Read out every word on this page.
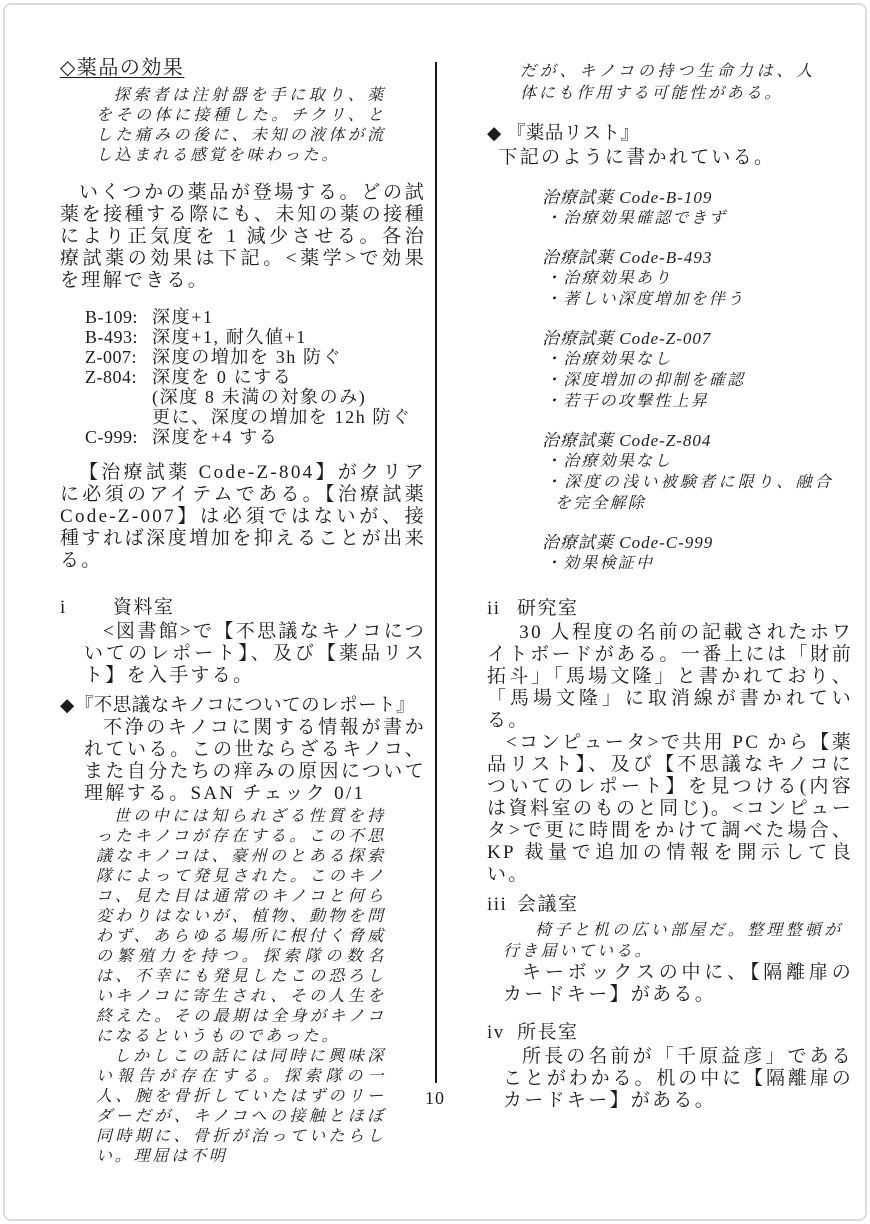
◇薬品の効果

探索者は注射器を手に取り、薬をその体に接種した。チクリ、とした痛みの後に、未知の液体が流し込まれる感覚を味わった。

いくつかの薬品が登場する。どの試薬を接種する際にも、未知の薬の接種により正気度を 1 減少させる。各治療試薬の効果は下記。<薬学>で効果を理解できる。

B-109: 深度+1
B-493: 深度+1, 耐久値+1
Z-007: 深度の増加を 3h 防ぐ
Z-804: 深度を 0 にする
(深度 8 未満の対象のみ)
更に、深度の増加を 12h 防ぐ
C-999: 深度を+4 する

【治療試薬 Code-Z-804】がクリアに必須のアイテムである。【治療試薬 Code-Z-007】は必須ではないが、接種すれば深度増加を抑えることが出来る。

i	資料室

<図書館>で【不思議なキノコについてのレポート】、及び【薬品リスト】を入手する。

◆『不思議なキノコについてのレポート』

不浄のキノコに関する情報が書かれている。この世ならざるキノコ、また自分たちの痒みの原因について理解する。SAN チェック 0/1

世の中には知られざる性質を持ったキノコが存在する。この不思議なキノコは、豪州のとある探索隊によって発見された。このキノコ、見た目は通常のキノコと何ら変わりはないが、植物、動物を問わず、あらゆる場所に根付く脅威の繁殖力を持つ。探索隊の数名は、不幸にも発見したこの恐ろしいキノコに寄生され、その人生を終えた。その最期は全身がキノコになるというものであった。

しかしこの話には同時に興味深い報告が存在する。探索隊の一人、腕を骨折していたはずのリーダーだが、キノコへの接触とほぼ同時期に、骨折が治っていたらしい。理屈は不明

だが、キノコの持つ生命力は、人体にも作用する可能性がある。

◆ 『薬品リスト』

下記のように書かれている。

治療試薬 Code-B-109

・治療効果確認できず

治療試薬 Code-B-493

・治療効果あり

・著しい深度増加を伴う

治療試薬 Code-Z-007

・治療効果なし

・深度増加の抑制を確認

・若干の攻撃性上昇

治療試薬 Code-Z-804

・治療効果なし

・深度の浅い被験者に限り、融合を完全解除

治療試薬 Code-C-999

・効果検証中

ii 研究室

30 人程度の名前の記載されたホワイトボードがある。一番上には「財前拓斗」「馬場文隆」と書かれており、「馬場文隆」に取消線が書かれている。

<コンピュータ>で共用 PC から【薬品リスト】、及び【不思議なキノコについてのレポート】を見つける(内容は資料室のものと同じ)。<コンピュータ>で更に時間をかけて調べた場合、KP 裁量で追加の情報を開示して良い。

iii 会議室

椅子と机の広い部屋だ。整理整頓が行き届いている。

キーボックスの中に、【隔離扉のカードキー】がある。

iv 所長室

所長の名前が「千原益彦」であることがわかる。机の中に【隔離扉のカードキー】がある。

10
